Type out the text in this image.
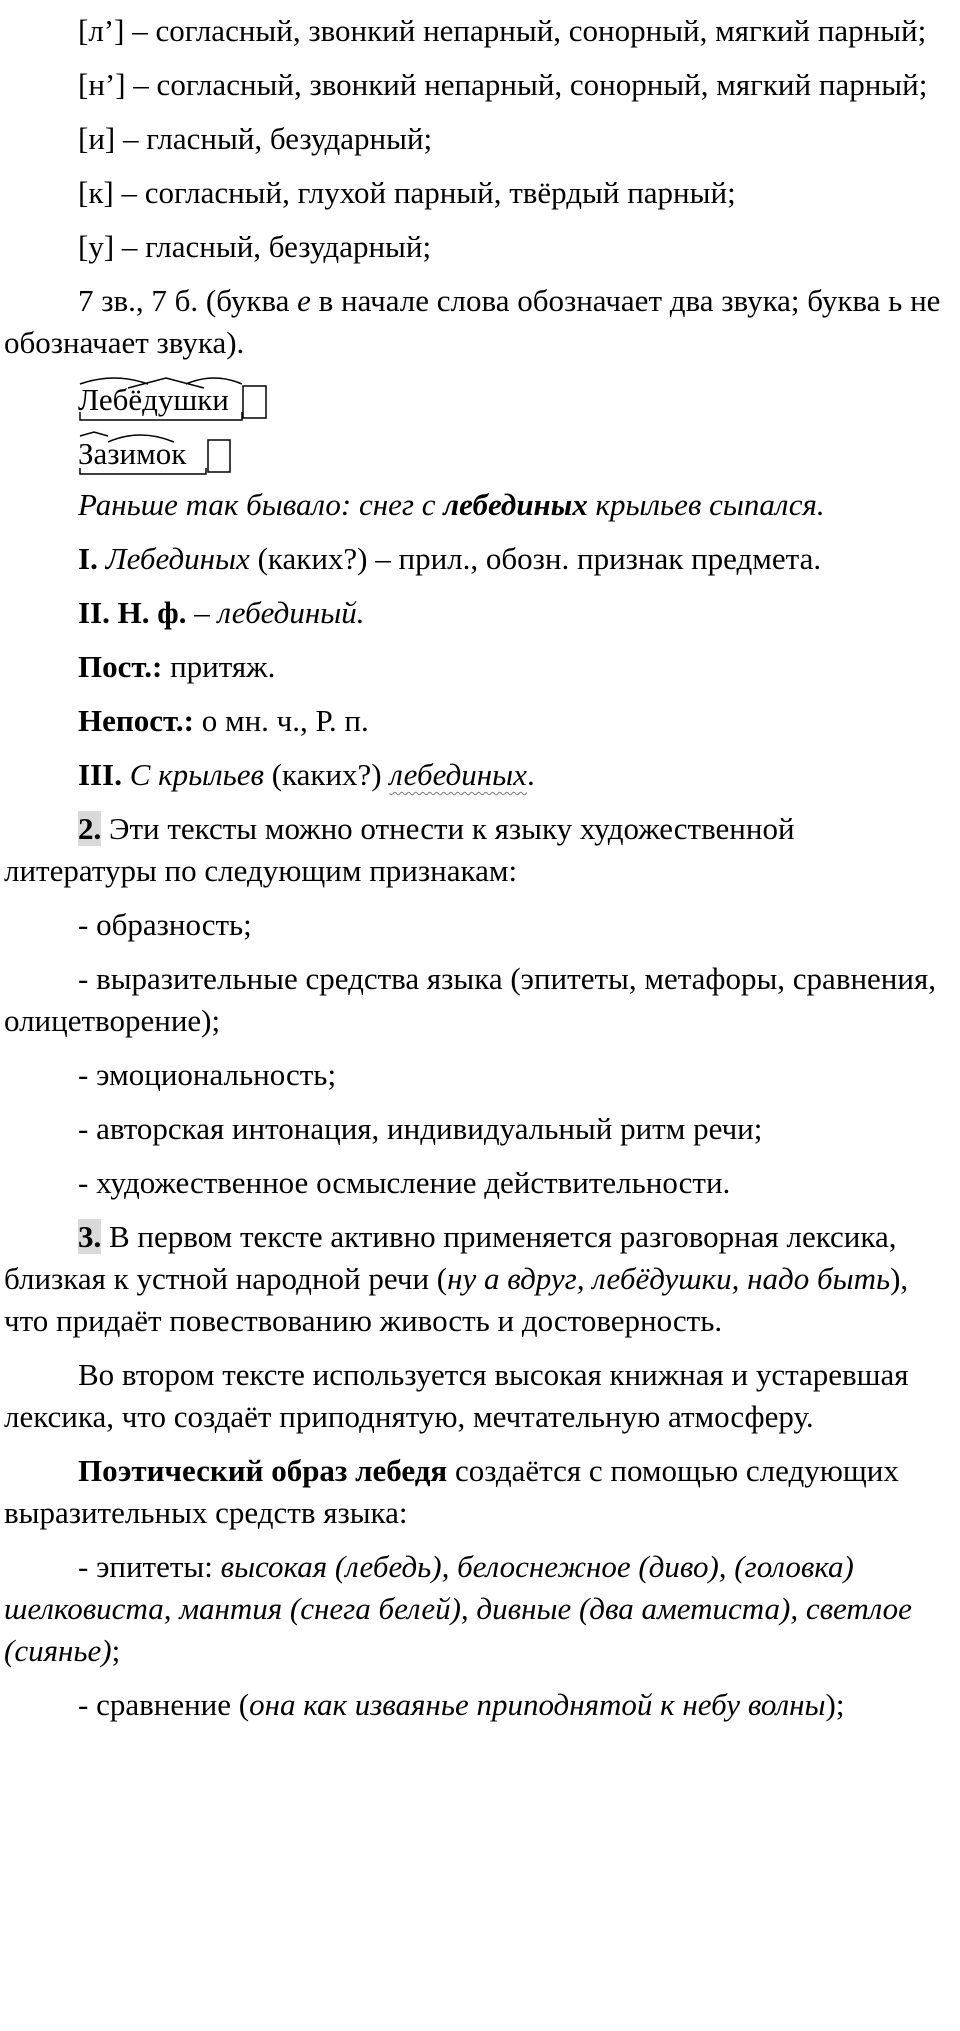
[л’] – согласный, звонкий непарный, сонорный, мягкий парный;

[н’] – согласный, звонкий непарный, сонорный, мягкий парный;

[и] – гласный, безударный;

[к] – согласный, глухой парный, твёрдый парный;

[у] – гласный, безударный;

7 зв., 7 б. (буква е в начале слова обозначает два звука; буква ь не обозначает звука).

Лебёдушки
Зазимок

Раньше так бывало: снег с лебединых крыльев сыпался.

I. Лебединых (каких?) – прил., обозн. признак предмета.

II. Н. ф. – лебединый.

Пост.: притяж.

Непост.: о мн. ч., Р. п.

III. С крыльев (каких?) лебединых.

2. Эти тексты можно отнести к языку художественной литературы по следующим признакам:

- образность;

- выразительные средства языка (эпитеты, метафоры, сравнения, олицетворение);

- эмоциональность;

- авторская интонация, индивидуальный ритм речи;

- художественное осмысление действительности.

3. В первом тексте активно применяется разговорная лексика, близкая к устной народной речи (ну а вдруг, лебёдушки, надо быть), что придаёт повествованию живость и достоверность.

Во втором тексте используется высокая книжная и устаревшая лексика, что создаёт приподнятую, мечтательную атмосферу.

Поэтический образ лебедя создаётся с помощью следующих выразительных средств языка:

- эпитеты: высокая (лебедь), белоснежное (диво), (головка) шелковиста, мантия (снега белей), дивные (два аметиста), светлое (сиянье);

- сравнение (она как изваянье приподнятой к небу волны);
